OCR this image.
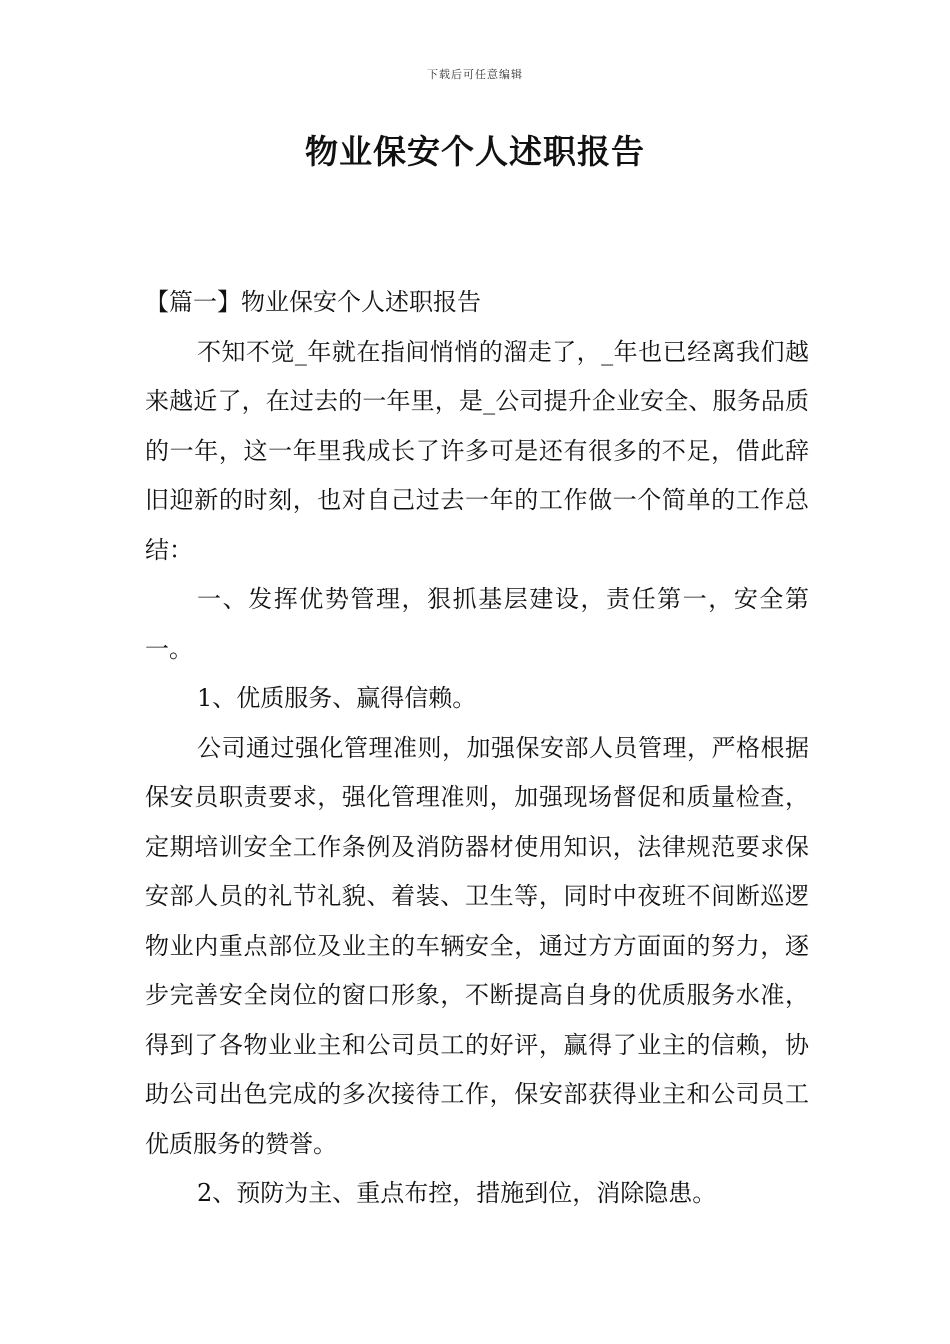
下载后可任意编辑
物业保安个人述职报告

【篇一】物业保安个人述职报告

不知不觉_年就在指间悄悄的溜走了，_年也已经离我们越来越近了，在过去的一年里，是_公司提升企业安全、服务品质的一年，这一年里我成长了许多可是还有很多的不足，借此辞旧迎新的时刻，也对自己过去一年的工作做一个简单的工作总结：

一、发挥优势管理，狠抓基层建设，责任第一，安全第一。

1、优质服务、赢得信赖。

公司通过强化管理准则，加强保安部人员管理，严格根据保安员职责要求，强化管理准则，加强现场督促和质量检查，定期培训安全工作条例及消防器材使用知识，法律规范要求保安部人员的礼节礼貌、着装、卫生等，同时中夜班不间断巡逻物业内重点部位及业主的车辆安全，通过方方面面的努力，逐步完善安全岗位的窗口形象，不断提高自身的优质服务水准，得到了各物业业主和公司员工的好评，赢得了业主的信赖，协助公司出色完成的多次接待工作，保安部获得业主和公司员工优质服务的赞誉。

2、预防为主、重点布控，措施到位，消除隐患。
